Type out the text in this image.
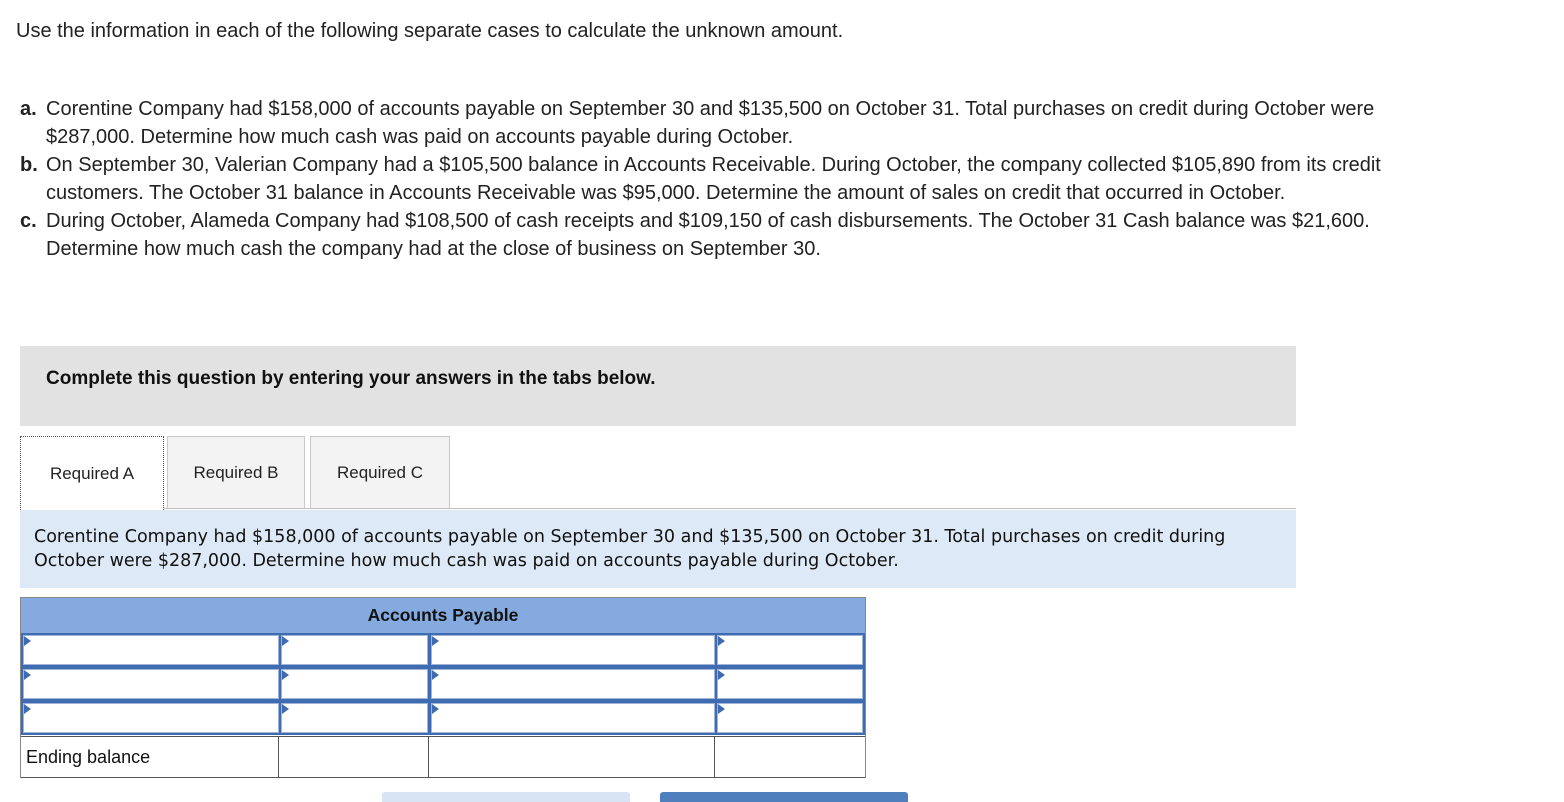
Use the information in each of the following separate cases to calculate the unknown amount.
a. Corentine Company had $158,000 of accounts payable on September 30 and $135,500 on October 31. Total purchases on credit during October were $287,000. Determine how much cash was paid on accounts payable during October.
b. On September 30, Valerian Company had a $105,500 balance in Accounts Receivable. During October, the company collected $105,890 from its credit customers. The October 31 balance in Accounts Receivable was $95,000. Determine the amount of sales on credit that occurred in October.
c. During October, Alameda Company had $108,500 of cash receipts and $109,150 of cash disbursements. The October 31 Cash balance was $21,600. Determine how much cash the company had at the close of business on September 30.
Complete this question by entering your answers in the tabs below.
Required A	Required B	Required C
Corentine Company had $158,000 of accounts payable on September 30 and $135,500 on October 31. Total purchases on credit during October were $287,000. Determine how much cash was paid on accounts payable during October.
Accounts Payable
Ending balance
